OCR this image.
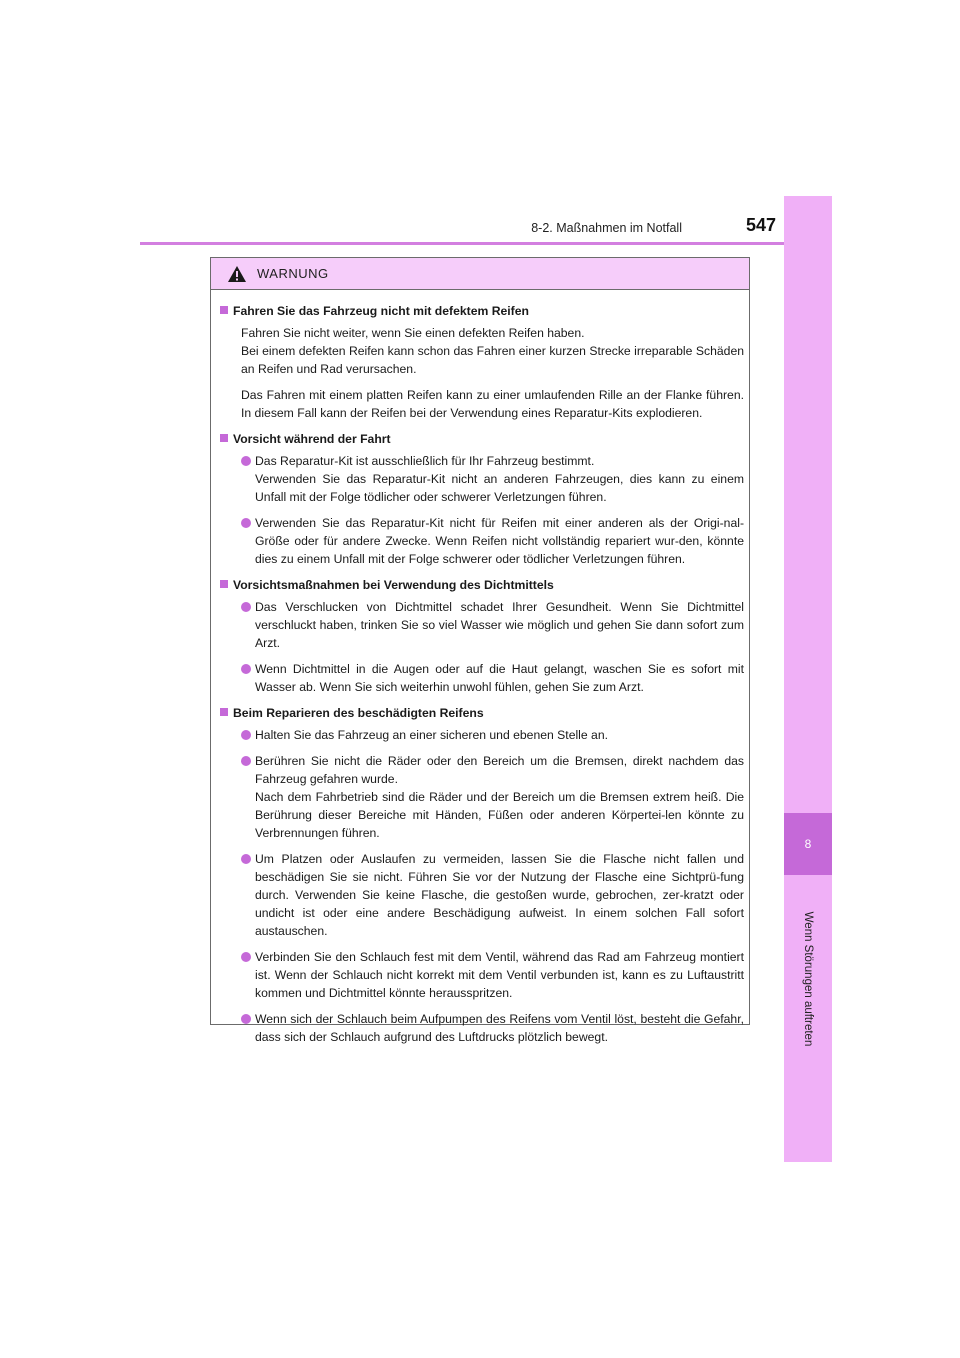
8-2. Maßnahmen im Notfall	547
8
Wenn Störungen auftreten
WARNUNG
Fahren Sie das Fahrzeug nicht mit defektem Reifen
Fahren Sie nicht weiter, wenn Sie einen defekten Reifen haben.
Bei einem defekten Reifen kann schon das Fahren einer kurzen Strecke irreparable Schäden an Reifen und Rad verursachen.
Das Fahren mit einem platten Reifen kann zu einer umlaufenden Rille an der Flanke führen. In diesem Fall kann der Reifen bei der Verwendung eines Reparatur-Kits explodieren.
Vorsicht während der Fahrt
Das Reparatur-Kit ist ausschließlich für Ihr Fahrzeug bestimmt.
Verwenden Sie das Reparatur-Kit nicht an anderen Fahrzeugen, dies kann zu einem Unfall mit der Folge tödlicher oder schwerer Verletzungen führen.
Verwenden Sie das Reparatur-Kit nicht für Reifen mit einer anderen als der Origi-nal-Größe oder für andere Zwecke. Wenn Reifen nicht vollständig repariert wur-den, könnte dies zu einem Unfall mit der Folge schwerer oder tödlicher Verletzungen führen.
Vorsichtsmaßnahmen bei Verwendung des Dichtmittels
Das Verschlucken von Dichtmittel schadet Ihrer Gesundheit. Wenn Sie Dichtmittel verschluckt haben, trinken Sie so viel Wasser wie möglich und gehen Sie dann sofort zum Arzt.
Wenn Dichtmittel in die Augen oder auf die Haut gelangt, waschen Sie es sofort mit Wasser ab. Wenn Sie sich weiterhin unwohl fühlen, gehen Sie zum Arzt.
Beim Reparieren des beschädigten Reifens
Halten Sie das Fahrzeug an einer sicheren und ebenen Stelle an.
Berühren Sie nicht die Räder oder den Bereich um die Bremsen, direkt nachdem das Fahrzeug gefahren wurde.
Nach dem Fahrbetrieb sind die Räder und der Bereich um die Bremsen extrem heiß. Die Berührung dieser Bereiche mit Händen, Füßen oder anderen Körpertei-len könnte zu Verbrennungen führen.
Um Platzen oder Auslaufen zu vermeiden, lassen Sie die Flasche nicht fallen und beschädigen Sie sie nicht. Führen Sie vor der Nutzung der Flasche eine Sichtprü-fung durch. Verwenden Sie keine Flasche, die gestoßen wurde, gebrochen, zer-kratzt oder undicht ist oder eine andere Beschädigung aufweist. In einem solchen Fall sofort austauschen.
Verbinden Sie den Schlauch fest mit dem Ventil, während das Rad am Fahrzeug montiert ist. Wenn der Schlauch nicht korrekt mit dem Ventil verbunden ist, kann es zu Luftaustritt kommen und Dichtmittel könnte herausspritzen.
Wenn sich der Schlauch beim Aufpumpen des Reifens vom Ventil löst, besteht die Gefahr, dass sich der Schlauch aufgrund des Luftdrucks plötzlich bewegt.
